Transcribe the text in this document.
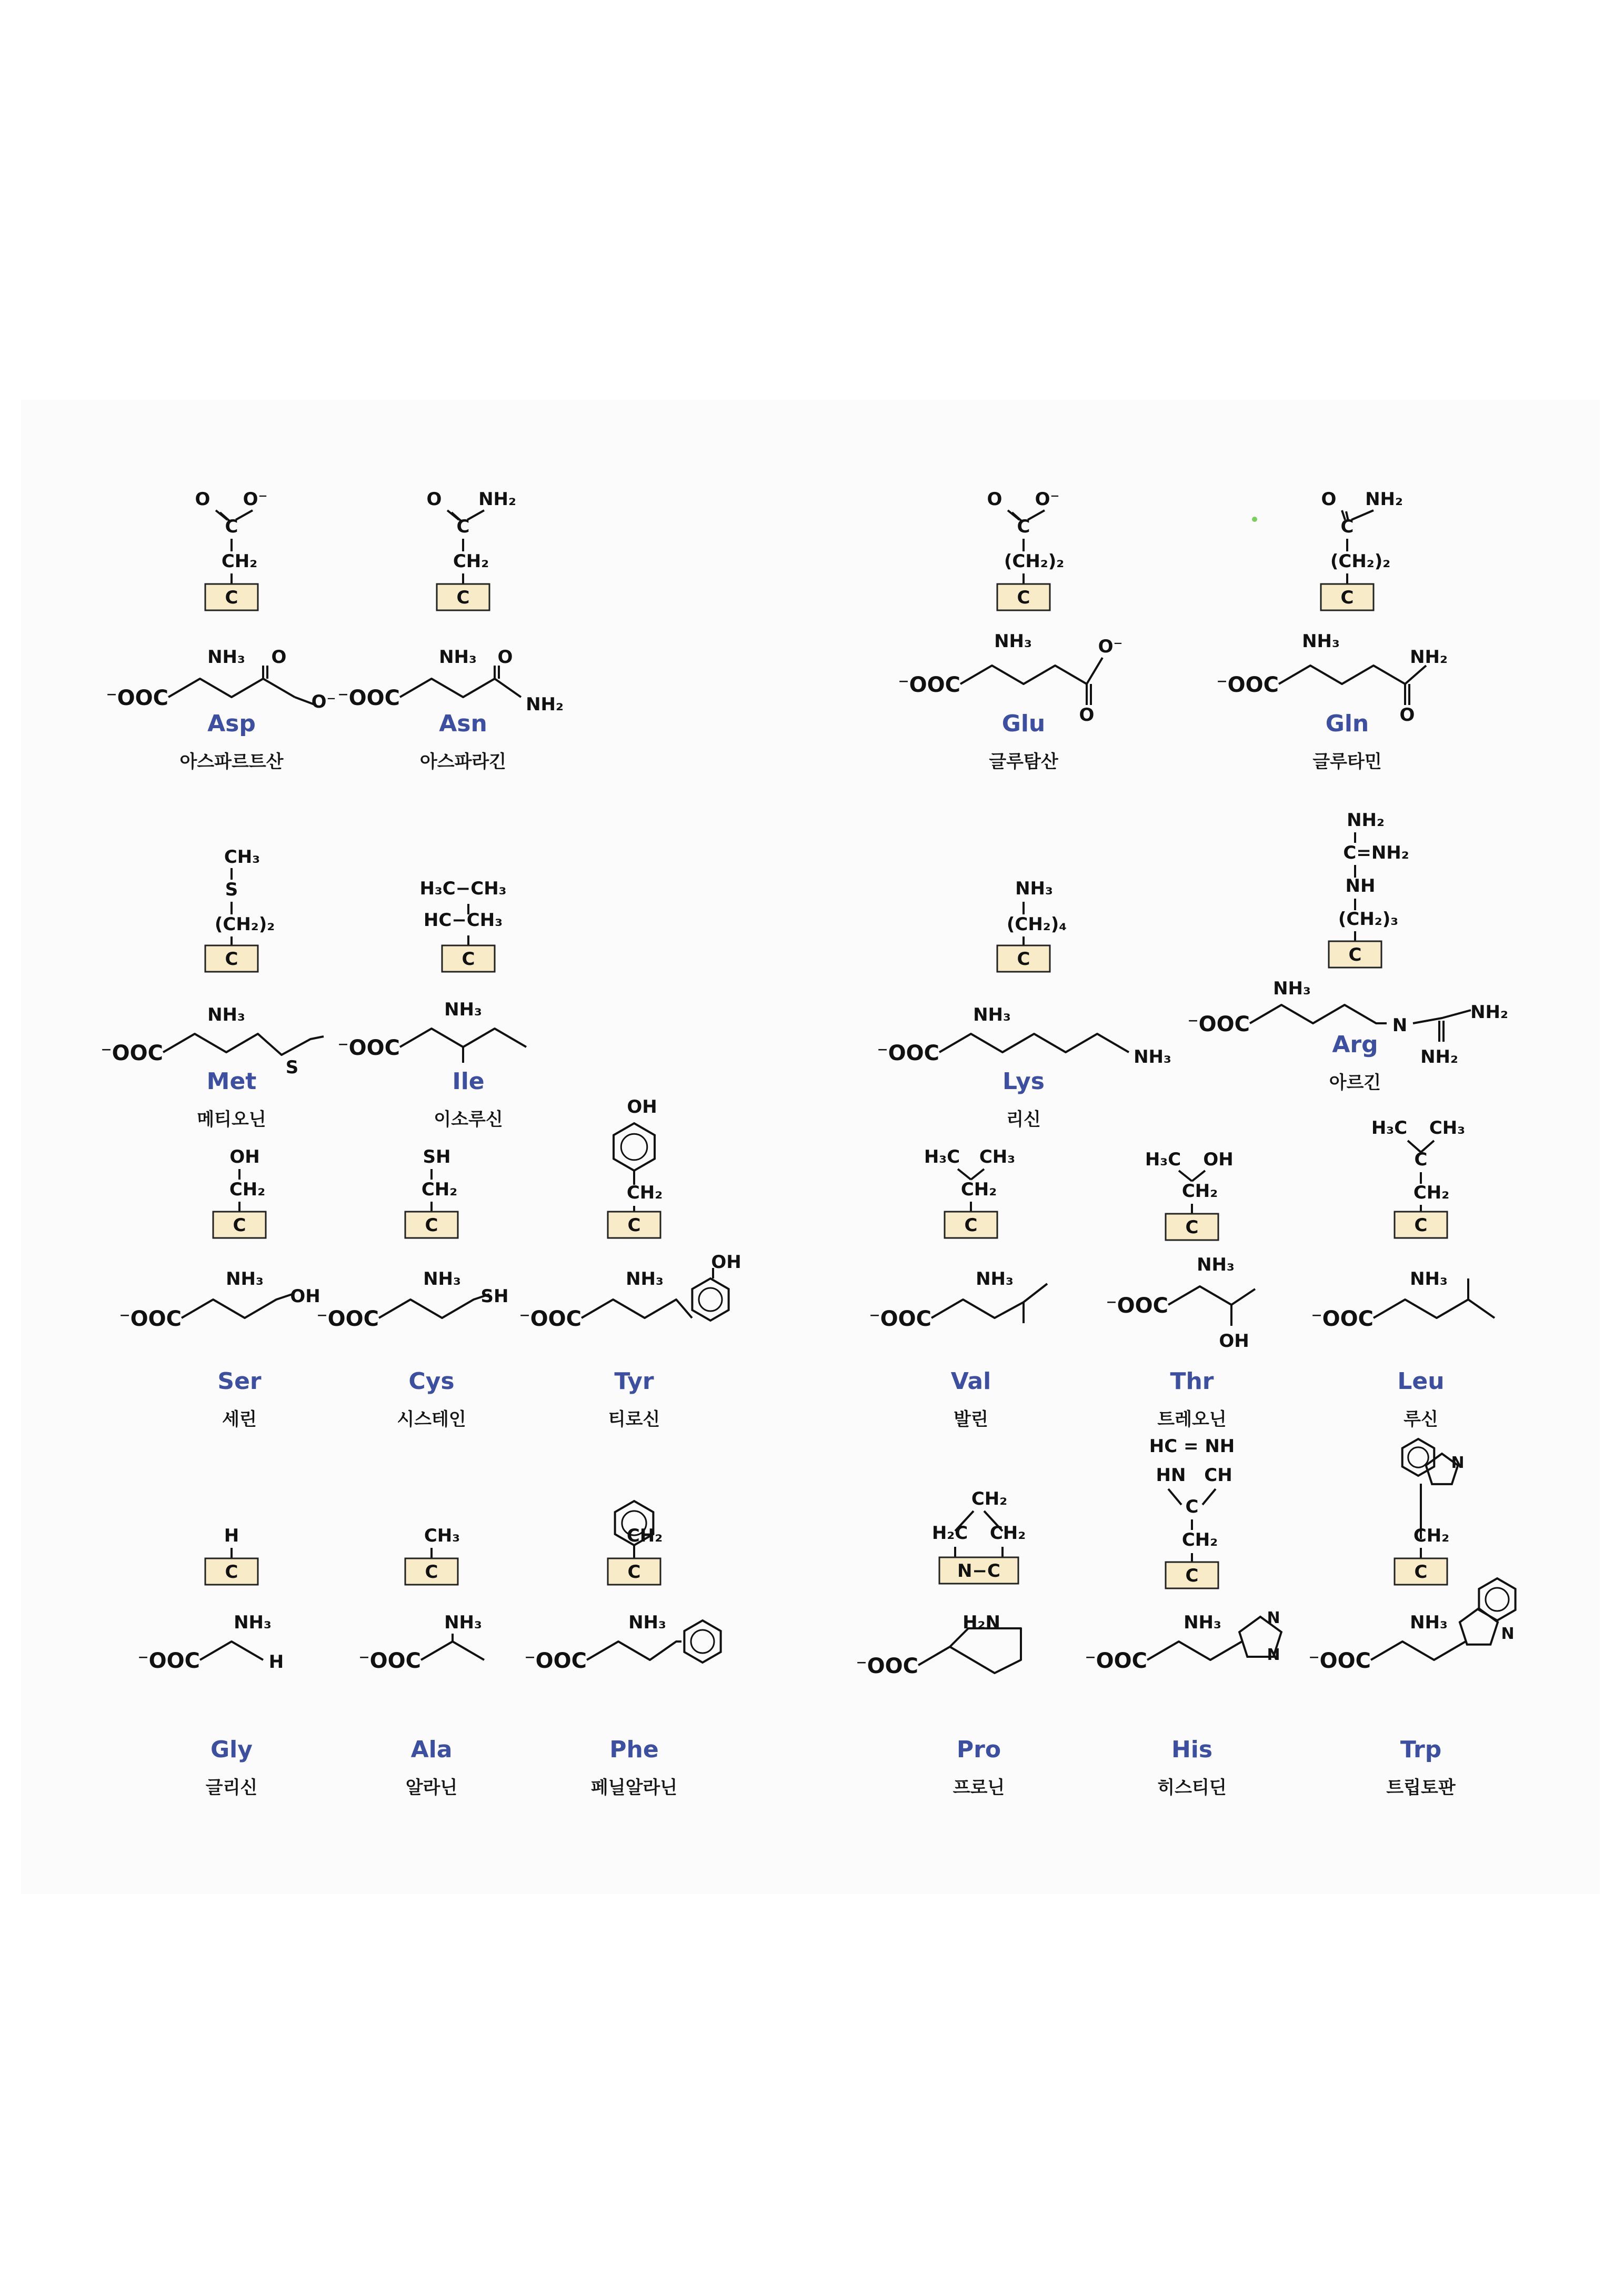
O O⁻
C
CH₂
C
NH₃ O
⁻OOC	O⁻
Asp
아스파르트산
O NH₂
C
CH₂
C
NH₃ O
⁻OOC	NH₂
Asn
아스파라긴
O O⁻
C
(CH₂)₂
C
NH₃	O⁻
⁻OOC
O
Glu
글루탐산
O NH₂
C
(CH₂)₂
C
NH₃
NH₂
⁻OOC
O
Gln
글루타민
CH₃
S
(CH₂)₂
C
NH₃
S
⁻OOC
Met
메티오닌
H₃C−CH₃
HC−CH₃
C
NH₃
⁻OOC
Ile
이소루신
NH₃
(CH₂)₄
C
NH₃
⁻OOC	NH₃
Lys
리신
NH₂
C=NH₂
NH
(CH₂)₃
C
NH₃
⁻OOC	N
NH₂
NH₂
Arg
아르긴
OH
CH₂
C
NH₃
⁻OOC
OH
Ser
세린
SH
CH₂
C
NH₃
⁻OOC
SH
Cys
시스테인
OH
CH₂
C
NH₃
⁻OOC
OH
Tyr
티로신
H₃C CH₃
CH₂
C
NH₃
⁻OOC
Val
발린
H₃C OH
CH₂
C
NH₃
⁻OOC
OH
Thr
트레오닌
H₃C CH₃
C
CH₂
C
NH₃
⁻OOC
Leu
루신
H
C
NH₃
⁻OOC	H
Gly
글리신
CH₃
C
NH₃
⁻OOC
Ala
알라닌
CH₂
C
NH₃
⁻OOC
Phe
페닐알라닌
CH₂
H₂C CH₂
N−C
H₂N
⁻OOC
Pro
프로닌
HC = NH
HN CH
C
CH₂
C
NH₃
⁻OOC
N
N
His
히스티딘
N
CH₂
C
NH₃
⁻OOC
N
Trp
트립토판
